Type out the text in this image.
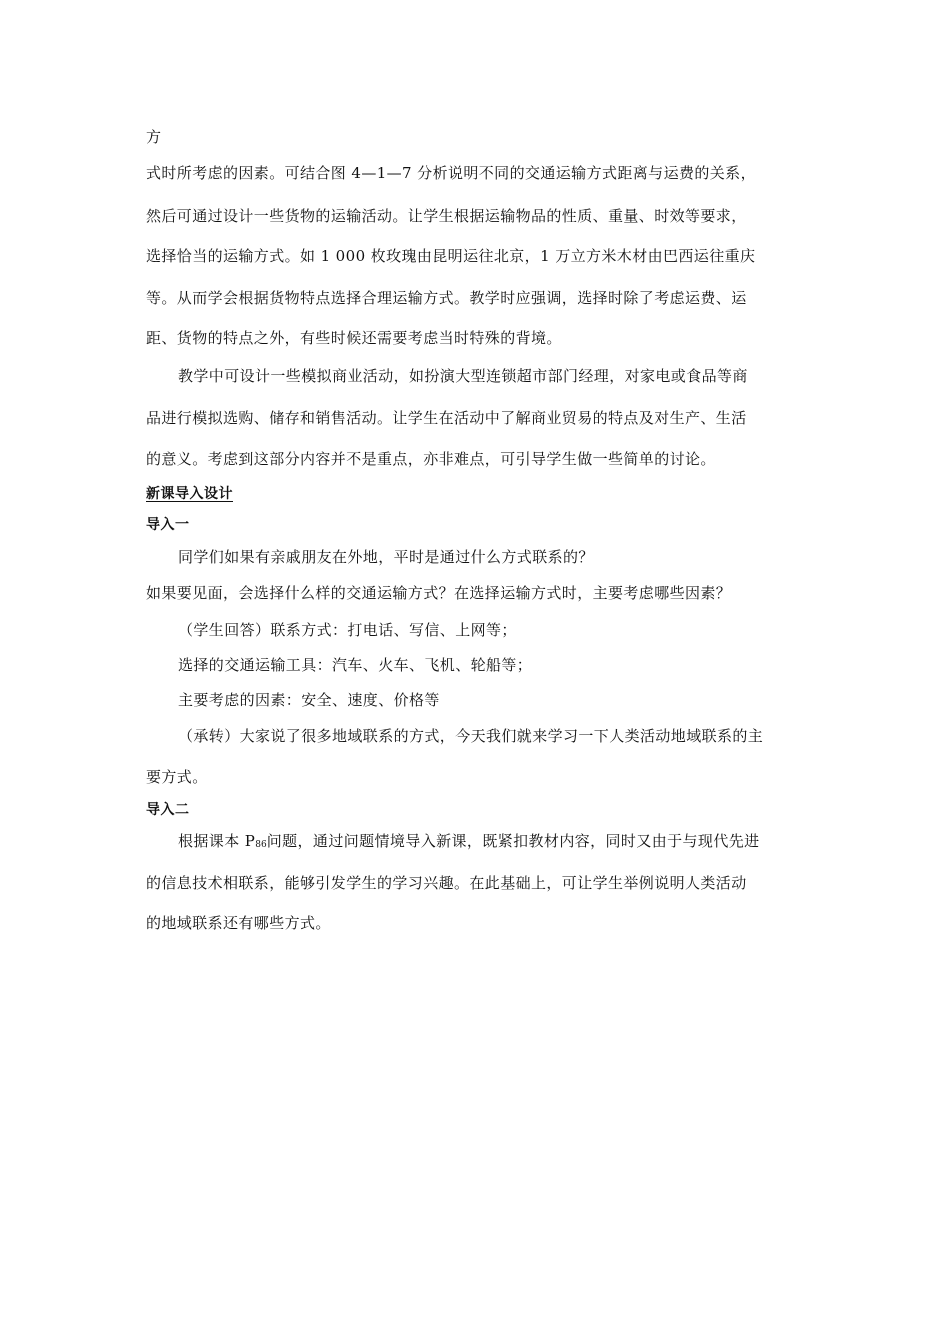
方
式时所考虑的因素。可结合图 4—1—7 分析说明不同的交通运输方式距离与运费的关系，
然后可通过设计一些货物的运输活动。让学生根据运输物品的性质、重量、时效等要求，
选择恰当的运输方式。如 1 000 枚玫瑰由昆明运往北京，1 万立方米木材由巴西运往重庆
等。从而学会根据货物特点选择合理运输方式。教学时应强调，选择时除了考虑运费、运
距、货物的特点之外，有些时候还需要考虑当时特殊的背境。
教学中可设计一些模拟商业活动，如扮演大型连锁超市部门经理，对家电或食品等商
品进行模拟选购、储存和销售活动。让学生在活动中了解商业贸易的特点及对生产、生活
的意义。考虑到这部分内容并不是重点，亦非难点，可引导学生做一些简单的讨论。
新课导入设计
导入一
同学们如果有亲戚朋友在外地，平时是通过什么方式联系的？
如果要见面，会选择什么样的交通运输方式？在选择运输方式时，主要考虑哪些因素？
（学生回答）联系方式：打电话、写信、上网等；
选择的交通运输工具：汽车、火车、飞机、轮船等；
主要考虑的因素：安全、速度、价格等
（承转）大家说了很多地域联系的方式，今天我们就来学习一下人类活动地域联系的主
要方式。
导入二
根据课本 P86问题，通过问题情境导入新课，既紧扣教材内容，同时又由于与现代先进
的信息技术相联系，能够引发学生的学习兴趣。在此基础上，可让学生举例说明人类活动
的地域联系还有哪些方式。
